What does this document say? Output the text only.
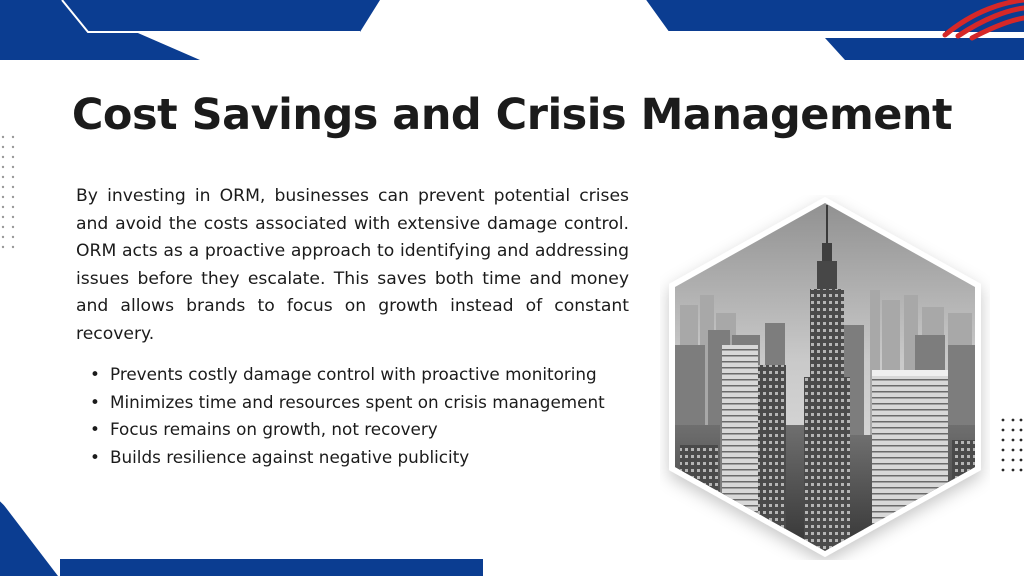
Cost Savings and Crisis Management

By investing in ORM, businesses can prevent potential crises and avoid the costs associated with extensive damage control. ORM acts as a proactive approach to identifying and addressing issues before they escalate. This saves both time and money and allows brands to focus on growth instead of constant recovery.

• Prevents costly damage control with proactive monitoring
• Minimizes time and resources spent on crisis management
• Focus remains on growth, not recovery
• Builds resilience against negative publicity
